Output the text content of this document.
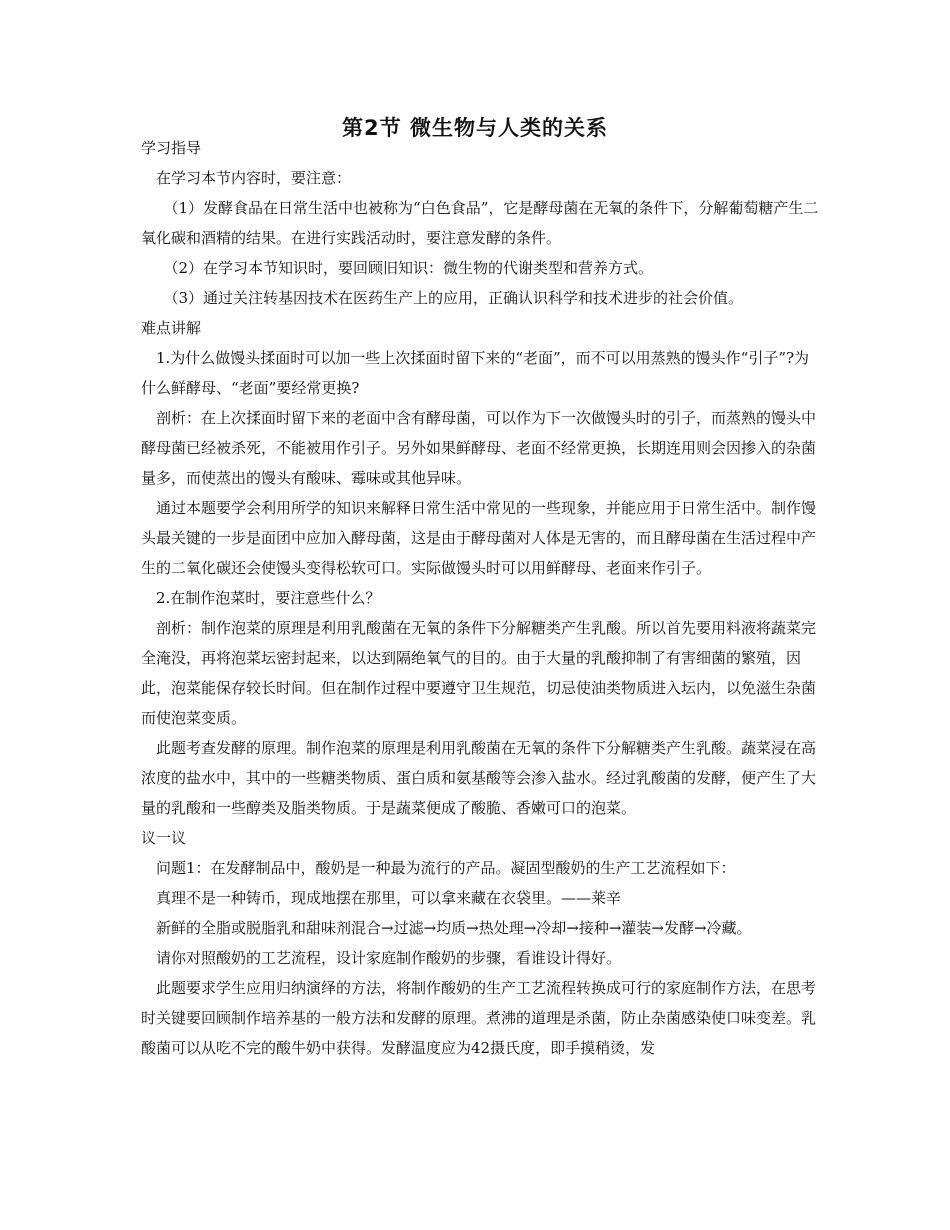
第2节 微生物与人类的关系

学习指导

在学习本节内容时，要注意：

（1）发酵食品在日常生活中也被称为“白色食品”，它是酵母菌在无氧的条件下，分解葡萄糖产生二氧化碳和酒精的结果。在进行实践活动时，要注意发酵的条件。

（2）在学习本节知识时，要回顾旧知识：微生物的代谢类型和营养方式。

（3）通过关注转基因技术在医药生产上的应用，正确认识科学和技术进步的社会价值。

难点讲解

1.为什么做馒头揉面时可以加一些上次揉面时留下来的“老面”，而不可以用蒸熟的馒头作“引子”?为什么鲜酵母、“老面”要经常更换?

剖析：在上次揉面时留下来的老面中含有酵母菌，可以作为下一次做馒头时的引子，而蒸熟的馒头中酵母菌已经被杀死，不能被用作引子。另外如果鲜酵母、老面不经常更换，长期连用则会因掺入的杂菌量多，而使蒸出的馒头有酸味、霉味或其他异味。

通过本题要学会利用所学的知识来解释日常生活中常见的一些现象，并能应用于日常生活中。制作馒头最关键的一步是面团中应加入酵母菌，这是由于酵母菌对人体是无害的，而且酵母菌在生活过程中产生的二氧化碳还会使馒头变得松软可口。实际做馒头时可以用鲜酵母、老面来作引子。

2.在制作泡菜时，要注意些什么？

剖析：制作泡菜的原理是利用乳酸菌在无氧的条件下分解糖类产生乳酸。所以首先要用料液将蔬菜完全淹没，再将泡菜坛密封起来，以达到隔绝氧气的目的。由于大量的乳酸抑制了有害细菌的繁殖，因此，泡菜能保存较长时间。但在制作过程中要遵守卫生规范，切忌使油类物质进入坛内，以免滋生杂菌而使泡菜变质。

此题考查发酵的原理。制作泡菜的原理是利用乳酸菌在无氧的条件下分解糖类产生乳酸。蔬菜浸在高浓度的盐水中，其中的一些糖类物质、蛋白质和氨基酸等会渗入盐水。经过乳酸菌的发酵，便产生了大量的乳酸和一些醇类及脂类物质。于是蔬菜便成了酸脆、香嫩可口的泡菜。

议一议

问题1：在发酵制品中，酸奶是一种最为流行的产品。凝固型酸奶的生产工艺流程如下：

真理不是一种铸币，现成地摆在那里，可以拿来藏在衣袋里。——莱辛

新鲜的全脂或脱脂乳和甜味剂混合→过滤→均质→热处理→冷却→接种→灌装→发酵→冷藏。

请你对照酸奶的工艺流程，设计家庭制作酸奶的步骤，看谁设计得好。

此题要求学生应用归纳演绎的方法，将制作酸奶的生产工艺流程转换成可行的家庭制作方法，在思考时关键要回顾制作培养基的一般方法和发酵的原理。煮沸的道理是杀菌，防止杂菌感染使口味变差。乳酸菌可以从吃不完的酸牛奶中获得。发酵温度应为42摄氏度，即手摸稍烫，发
